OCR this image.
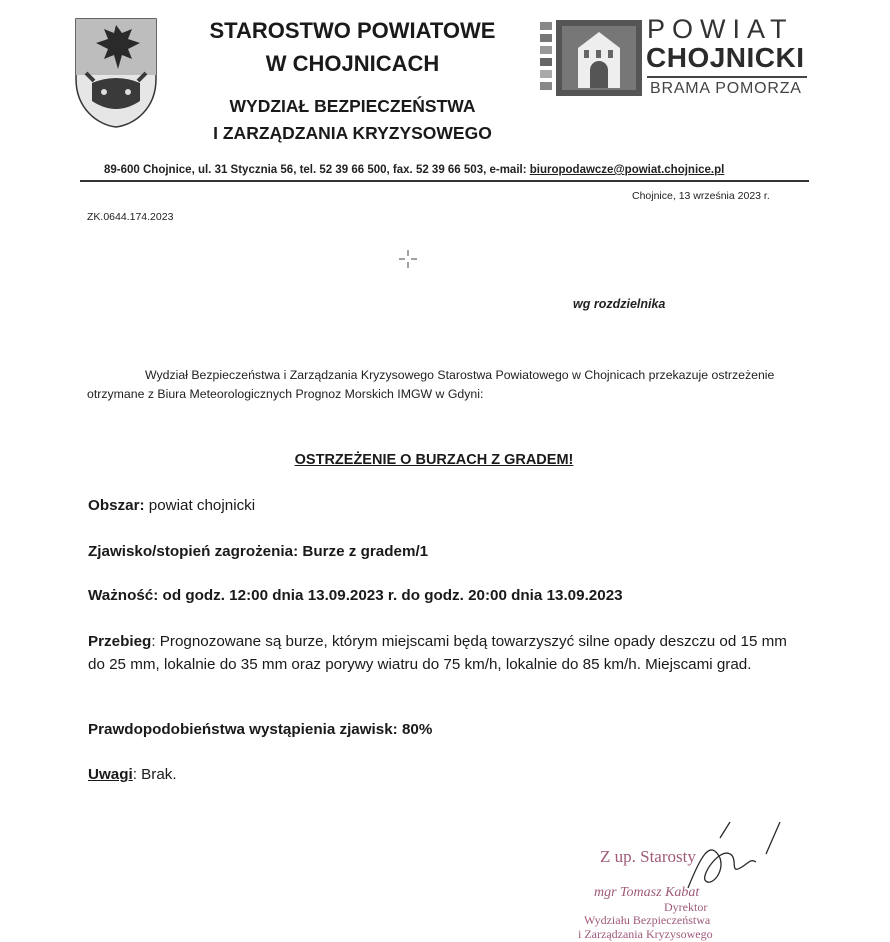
STAROSTWO POWIATOWE
W CHOJNICACH
WYDZIAŁ BEZPIECZEŃSTWA
I ZARZĄDZANIA KRYZYSOWEGO
POWIAT
CHOJNICKI
BRAMA POMORZA
89-600 Chojnice, ul. 31 Stycznia 56, tel. 52 39 66 500, fax. 52 39 66 503, e-mail: biuropodawcze@powiat.chojnice.pl
Chojnice, 13 września 2023 r.
ZK.0644.174.2023
wg rozdzielnika
Wydział Bezpieczeństwa i Zarządzania Kryzysowego Starostwa Powiatowego w Chojnicach przekazuje ostrzeżenie otrzymane z Biura Meteorologicznych Prognoz Morskich IMGW w Gdyni:
OSTRZEŻENIE O BURZACH Z GRADEM!
Obszar: powiat chojnicki
Zjawisko/stopień zagrożenia: Burze z gradem/1
Ważność: od godz. 12:00 dnia 13.09.2023 r. do godz. 20:00 dnia 13.09.2023
Przebieg: Prognozowane są burze, którym miejscami będą towarzyszyć silne opady deszczu od 15 mm do 25 mm, lokalnie do 35 mm oraz porywy wiatru do 75 km/h, lokalnie do 85 km/h. Miejscami grad.
Prawdopodobieństwa wystąpienia zjawisk: 80%
Uwagi: Brak.
Z up. Starosty
mgr Tomasz Kabat
Dyrektor
Wydziału Bezpieczeństwa
i Zarządzania Kryzysowego
